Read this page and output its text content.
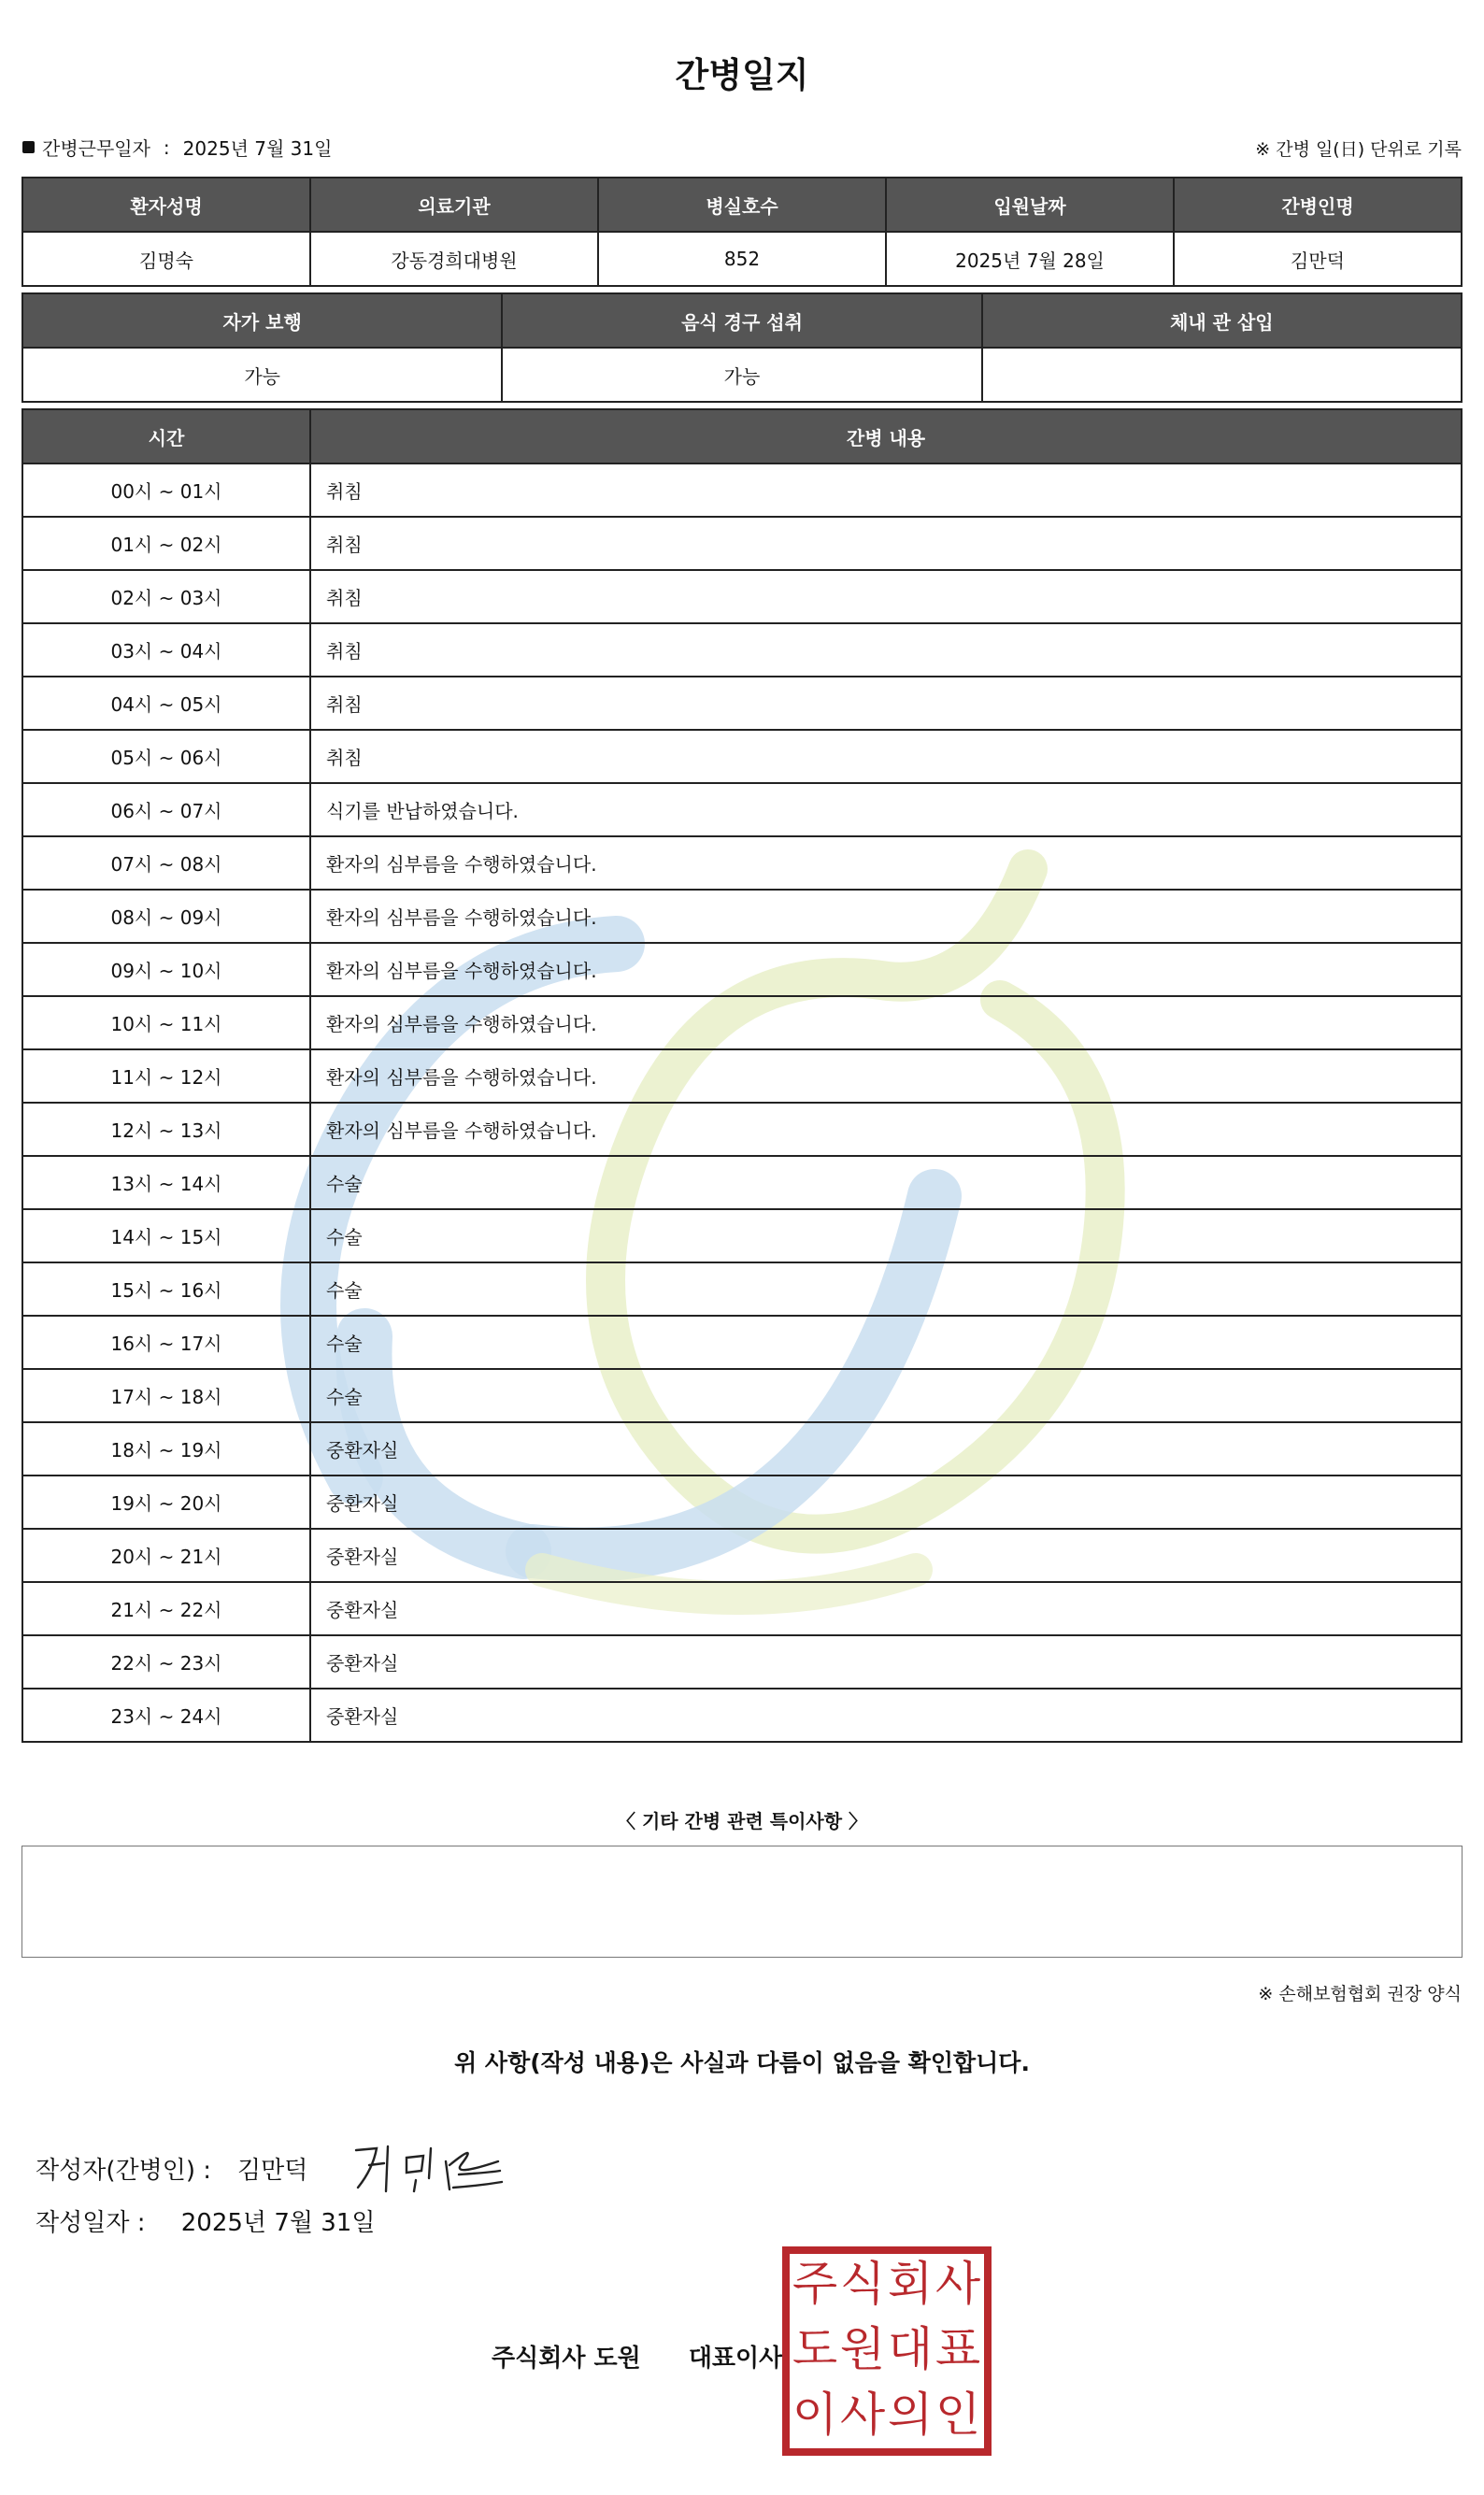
간병일지
간병근무일자 : 2025년 7월 31일	※ 간병 일(日) 단위로 기록
환자성명	의료기관	병실호수	입원날짜	간병인명
김명숙	강동경희대병원	852	2025년 7월 28일	김만덕
자가 보행	음식 경구 섭취	체내 관 삽입
가능	가능	
시간	간병 내용
00시 ~ 01시	취침
01시 ~ 02시	취침
02시 ~ 03시	취침
03시 ~ 04시	취침
04시 ~ 05시	취침
05시 ~ 06시	취침
06시 ~ 07시	식기를 반납하였습니다.
07시 ~ 08시	환자의 심부름을 수행하였습니다.
08시 ~ 09시	환자의 심부름을 수행하였습니다.
09시 ~ 10시	환자의 심부름을 수행하였습니다.
10시 ~ 11시	환자의 심부름을 수행하였습니다.
11시 ~ 12시	환자의 심부름을 수행하였습니다.
12시 ~ 13시	환자의 심부름을 수행하였습니다.
13시 ~ 14시	수술
14시 ~ 15시	수술
15시 ~ 16시	수술
16시 ~ 17시	수술
17시 ~ 18시	수술
18시 ~ 19시	중환자실
19시 ~ 20시	중환자실
20시 ~ 21시	중환자실
21시 ~ 22시	중환자실
22시 ~ 23시	중환자실
23시 ~ 24시	중환자실
〈 기타 간병 관련 특이사항 〉
※ 손해보험협회 권장 양식
위 사항(작성 내용)은 사실과 다름이 없음을 확인합니다.
작성자(간병인) : 김만덕
작성일자 : 2025년 7월 31일
주식회사 도원 대표이사
주 식 회 사
도 원 대 표
이 사 의 인
